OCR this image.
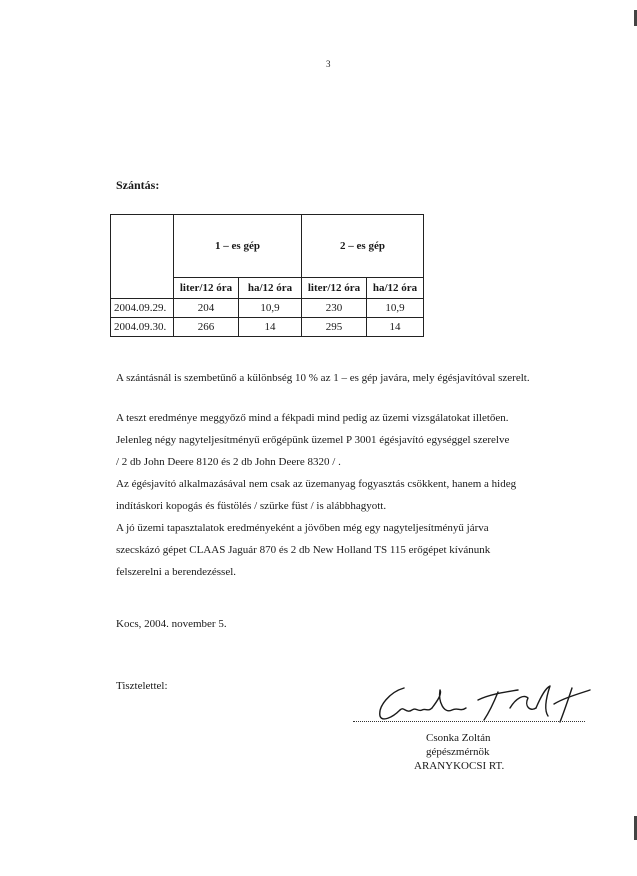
3
Szántás:
	1 – es gép		2 – es gép	
	liter/12 óra	ha/12 óra	liter/12 óra	ha/12 óra
2004.09.29.	204	10,9	230	10,9
2004.09.30.	266	14	295	14
A szántásnál is szembetűnő a különbség 10 % az 1 – es gép javára, mely égésjavítóval szerelt.
A teszt eredménye meggyőző mind a fékpadi mind pedig az üzemi vizsgálatokat illetően.
Jelenleg négy nagyteljesítményű erőgépünk üzemel P 3001 égésjavító egységgel szerelve
/ 2 db John Deere 8120 és 2 db John Deere 8320 / .
Az égésjavító alkalmazásával nem csak az üzemanyag fogyasztás csökkent, hanem a hideg
indításkori kopogás és füstölés / szürke füst / is alábbhagyott.
A jó üzemi tapasztalatok eredményeként a jövőben még egy nagyteljesítményű járva
szecskázó gépet CLAAS Jaguár 870 és 2 db New Holland TS 115 erőgépet kívánunk
felszerelni a berendezéssel.
Kocs, 2004. november 5.
Tisztelettel:
Csonka Zoltán
gépészmérnök
ARANYKOCSI RT.
